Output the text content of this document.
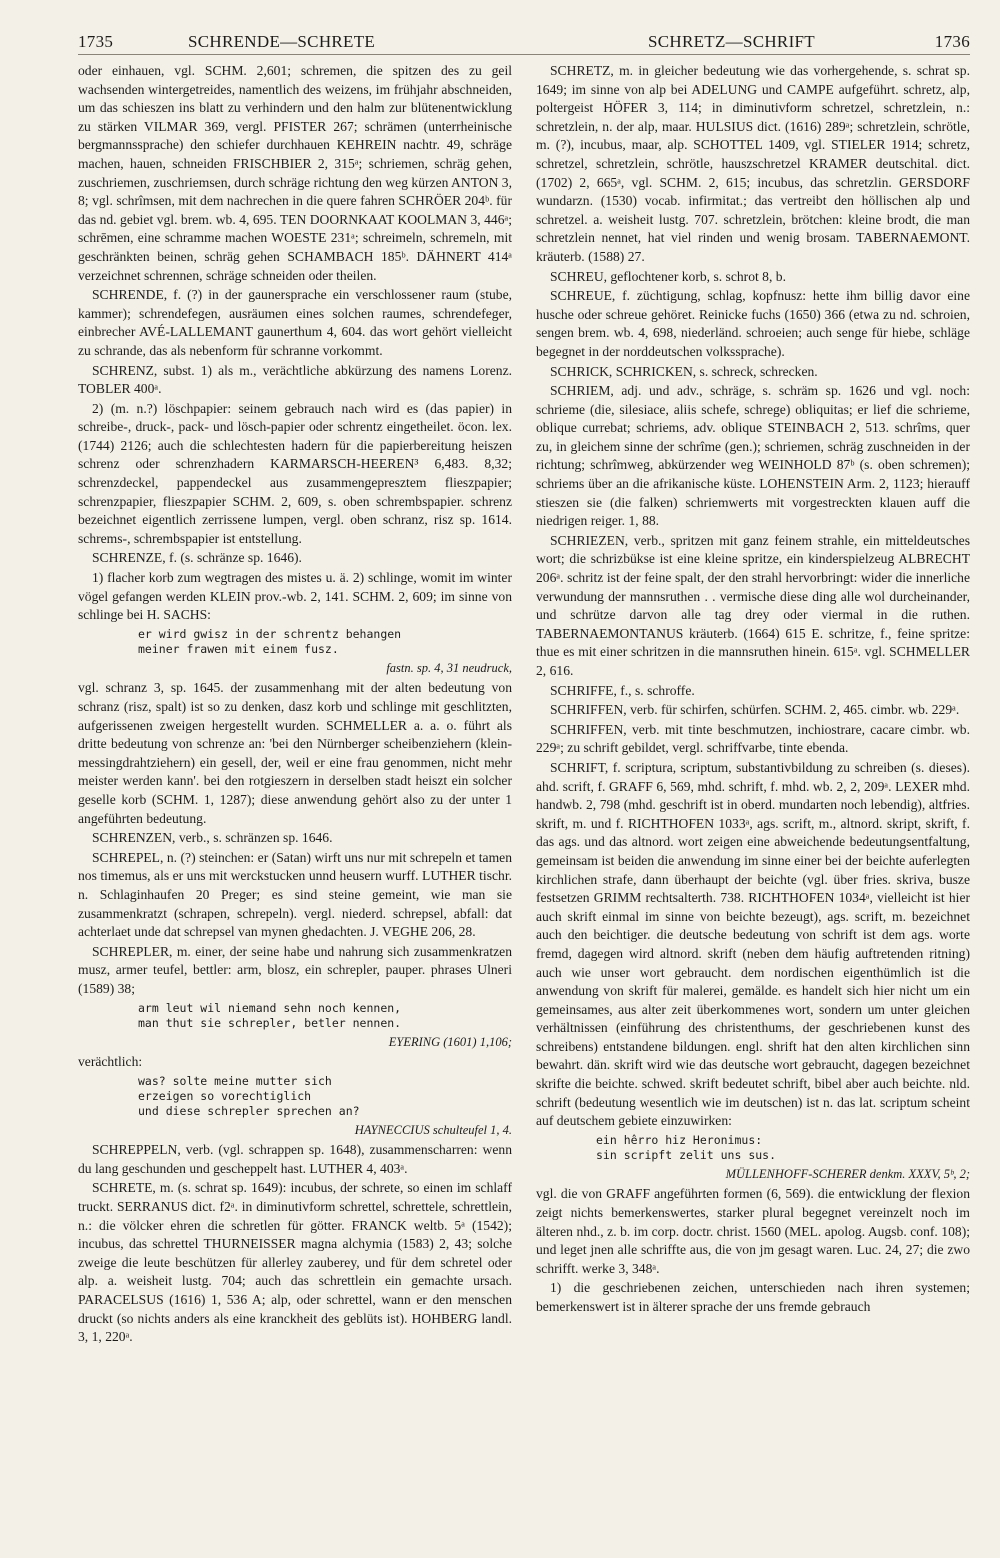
1735	SCHRENDE—SCHRETE	SCHRETZ—SCHRIFT	1736

oder einhauen, vgl. SCHM. 2,601; schremen, die spitzen des zu geil wachsenden wintergetreides, namentlich des weizens, im frühjahr abschneiden, um das schieszen ins blatt zu verhindern und den halm zur blütenentwicklung zu stärken VILMAR 369, vergl. PFISTER 267; schrämen (unterrheinische bergmannssprache) den schiefer durchhauen KEHREIN nachtr. 49, schräge machen, hauen, schneiden FRISCHBIER 2, 315ᵃ; schriemen, schräg gehen, zuschriemen, zuschriemsen, durch schräge richtung den weg kürzen ANTON 3, 8; vgl. schrîmsen, mit dem nachrechen in die quere fahren SCHRÖER 204ᵇ. für das nd. gebiet vgl. brem. wb. 4, 695. TEN DOORNKAAT KOOLMAN 3, 446ᵃ; schrēmen, eine schramme machen WOESTE 231ᵃ; schreimeln, schremeln, mit geschränkten beinen, schräg gehen SCHAMBACH 185ᵇ. DÄHNERT 414ᵃ verzeichnet schrennen, schräge schneiden oder theilen.

SCHRENDE, f. (?) in der gaunersprache ein verschlossener raum (stube, kammer); schrendefegen, ausräumen eines solchen raumes, schrendefeger, einbrecher AVÉ-LALLEMANT gaunerthum 4, 604. das wort gehört vielleicht zu schrande, das als nebenform für schranne vorkommt.

SCHRENZ, subst. 1) als m., verächtliche abkürzung des namens Lorenz. TOBLER 400ᵃ.

2) (m. n.?) löschpapier: seinem gebrauch nach wird es (das papier) in schreibe-, druck-, pack- und lösch-papier oder schrentz eingetheilet. öcon. lex. (1744) 2126; auch die schlechtesten hadern für die papierbereitung heiszen schrenz oder schrenzhadern KARMARSCH-HEEREN³ 6,483. 8,32; schrenzdeckel, pappendeckel aus zusammengepresztem flieszpapier; schrenzpapier, flieszpapier SCHM. 2, 609, s. oben schrembspapier. schrenz bezeichnet eigentlich zerrissene lumpen, vergl. oben schranz, risz sp. 1614. schrems-, schrembspapier ist entstellung.

SCHRENZE, f. (s. schränze sp. 1646).

1) flacher korb zum wegtragen des mistes u. ä. 2) schlinge, womit im winter vögel gefangen werden KLEIN prov.-wb. 2, 141. SCHM. 2, 609; im sinne von schlinge bei H. SACHS:

er wird gwisz in der schrentz behangen
meiner frawen mit einem fusz.
fastn. sp. 4, 31 neudruck,

vgl. schranz 3, sp. 1645. der zusammenhang mit der alten bedeutung von schranz (risz, spalt) ist so zu denken, dasz korb und schlinge mit geschlitzten, aufgerissenen zweigen hergestellt wurden. SCHMELLER a. a. o. führt als dritte bedeutung von schrenze an: 'bei den Nürnberger scheibenziehern (klein-messingdrahtziehern) ein gesell, der, weil er eine frau genommen, nicht mehr meister werden kann'. bei den rotgieszern in derselben stadt heiszt ein solcher geselle korb (SCHM. 1, 1287); diese anwendung gehört also zu der unter 1 angeführten bedeutung.

SCHRENZEN, verb., s. schränzen sp. 1646.

SCHREPEL, n. (?) steinchen: er (Satan) wirft uns nur mit schrepeln et tamen nos timemus, als er uns mit werckstucken unnd heusern wurff. LUTHER tischr. n. Schlaginhaufen 20 Preger; es sind steine gemeint, wie man sie zusammenkratzt (schrapen, schrepeln). vergl. niederd. schrepsel, abfall: dat achterlaet unde dat schrepsel van mynen ghedachten. J. VEGHE 206, 28.

SCHREPLER, m. einer, der seine habe und nahrung sich zusammenkratzen musz, armer teufel, bettler: arm, blosz, ein schrepler, pauper. phrases Ulneri (1589) 38;

arm leut wil niemand sehn noch kennen,
man thut sie schrepler, betler nennen.
EYERING (1601) 1,106;

verächtlich:

was? solte meine mutter sich
erzeigen so vorechtiglich
und diese schrepler sprechen an?
HAYNECCIUS schulteufel 1, 4.

SCHREPPELN, verb. (vgl. schrappen sp. 1648), zusammenscharren: wenn du lang geschunden und gescheppelt hast. LUTHER 4, 403ᵃ.

SCHRETE, m. (s. schrat sp. 1649): incubus, der schrete, so einen im schlaff truckt. SERRANUS dict. f2ᵃ. in diminutivform schrettel, schrettele, schrettlein, n.: die völcker ehren die schretlen für götter. FRANCK weltb. 5ᵃ (1542); incubus, das schrettel THURNEISSER magna alchymia (1583) 2, 43; solche zweige die leute beschützen für allerley zauberey, und für dem schretel oder alp. a. weisheit lustg. 704; auch das schrettlein ein gemachte ursach. PARACELSUS (1616) 1, 536 A; alp, oder schrettel, wann er den menschen druckt (so nichts anders als eine kranckheit des geblüts ist). HOHBERG landl. 3, 1, 220ᵃ.

SCHRETZ, m. in gleicher bedeutung wie das vorhergehende, s. schrat sp. 1649; im sinne von alp bei ADELUNG und CAMPE aufgeführt. schretz, alp, poltergeist HÖFER 3, 114; in diminutivform schretzel, schretzlein, n.: schretzlein, n. der alp, maar. HULSIUS dict. (1616) 289ᵃ; schretzlein, schrötle, m. (?), incubus, maar, alp. SCHOTTEL 1409, vgl. STIELER 1914; schretz, schretzel, schretzlein, schrötle, hauszschretzel KRAMER deutschital. dict. (1702) 2, 665ᵃ, vgl. SCHM. 2, 615; incubus, das schretzlin. GERSDORF wundarzn. (1530) vocab. infirmitat.; das vertreibt den höllischen alp und schretzel. a. weisheit lustg. 707. schretzlein, brötchen: kleine brodt, die man schretzlein nennet, hat viel rinden und wenig brosam. TABERNAEMONT. kräuterb. (1588) 27.

SCHREU, geflochtener korb, s. schrot 8, b.

SCHREUE, f. züchtigung, schlag, kopfnusz: hette ihm billig davor eine husche oder schreue gehöret. Reinicke fuchs (1650) 366 (etwa zu nd. schroien, sengen brem. wb. 4, 698, niederländ. schroeien; auch senge für hiebe, schläge begegnet in der norddeutschen volkssprache).

SCHRICK, SCHRICKEN, s. schreck, schrecken.

SCHRIEM, adj. und adv., schräge, s. schräm sp. 1626 und vgl. noch: schrieme (die, silesiace, aliis schefe, schrege) obliquitas; er lief die schrieme, oblique currebat; schriems, adv. oblique STEINBACH 2, 513. schrîms, quer zu, in gleichem sinne der schrîme (gen.); schriemen, schräg zuschneiden in der richtung; schrîmweg, abkürzender weg WEINHOLD 87ᵇ (s. oben schremen); schriems über an die afrikanische küste. LOHENSTEIN Arm. 2, 1123; hierauff stieszen sie (die falken) schriemwerts mit vorgestreckten klauen auff die niedrigen reiger. 1, 88.

SCHRIEZEN, verb., spritzen mit ganz feinem strahle, ein mitteldeutsches wort; die schrizbükse ist eine kleine spritze, ein kinderspielzeug ALBRECHT 206ᵃ. schritz ist der feine spalt, der den strahl hervorbringt: wider die innerliche verwundung der mannsruthen . . vermische diese ding alle wol durcheinander, und schrütze darvon alle tag drey oder viermal in die ruthen. TABERNAEMONTANUS kräuterb. (1664) 615 E. schritze, f., feine spritze: thue es mit einer schritzen in die mannsruthen hinein. 615ᵃ. vgl. SCHMELLER 2, 616.

SCHRIFFE, f., s. schroffe.

SCHRIFFEN, verb. für schirfen, schürfen. SCHM. 2, 465. cimbr. wb. 229ᵃ.

SCHRIFFEN, verb. mit tinte beschmutzen, inchiostrare, cacare cimbr. wb. 229ᵃ; zu schrift gebildet, vergl. schriffvarbe, tinte ebenda.

SCHRIFT, f. scriptura, scriptum, substantivbildung zu schreiben (s. dieses). ahd. scrift, f. GRAFF 6, 569, mhd. schrift, f. mhd. wb. 2, 2, 209ᵃ. LEXER mhd. handwb. 2, 798 (mhd. geschrift ist in oberd. mundarten noch lebendig), altfries. skrift, m. und f. RICHTHOFEN 1033ᵃ, ags. scrift, m., altnord. skript, skrift, f. das ags. und das altnord. wort zeigen eine abweichende bedeutungsentfaltung, gemeinsam ist beiden die anwendung im sinne einer bei der beichte auferlegten kirchlichen strafe, dann überhaupt der beichte (vgl. über fries. skriva, busze festsetzen GRIMM rechtsalterth. 738. RICHTHOFEN 1034ᵃ, vielleicht ist hier auch skrift einmal im sinne von beichte bezeugt), ags. scrift, m. bezeichnet auch den beichtiger. die deutsche bedeutung von schrift ist dem ags. worte fremd, dagegen wird altnord. skrift (neben dem häufig auftretenden ritning) auch wie unser wort gebraucht. dem nordischen eigenthümlich ist die anwendung von skrift für malerei, gemälde. es handelt sich hier nicht um ein gemeinsames, aus alter zeit überkommenes wort, sondern um unter gleichen verhältnissen (einführung des christenthums, der geschriebenen kunst des schreibens) entstandene bildungen. engl. shrift hat den alten kirchlichen sinn bewahrt. dän. skrift wird wie das deutsche wort gebraucht, dagegen bezeichnet skrifte die beichte. schwed. skrift bedeutet schrift, bibel aber auch beichte. nld. schrift (bedeutung wesentlich wie im deutschen) ist n. das lat. scriptum scheint auf deutschem gebiete einzuwirken:

ein hêrro hiz Heronimus:
sin scripft zelit uns sus.
MÜLLENHOFF-SCHERER denkm. XXXV, 5ᵇ, 2;

vgl. die von GRAFF angeführten formen (6, 569). die entwicklung der flexion zeigt nichts bemerkenswertes, starker plural begegnet vereinzelt noch im älteren nhd., z. b. im corp. doctr. christ. 1560 (MEL. apolog. Augsb. conf. 108); und leget jnen alle schriffte aus, die von jm gesagt waren. Luc. 24, 27; die zwo schrifft. werke 3, 348ᵃ.

1) die geschriebenen zeichen, unterschieden nach ihren systemen; bemerkenswert ist in älterer sprache der uns fremde gebrauch
